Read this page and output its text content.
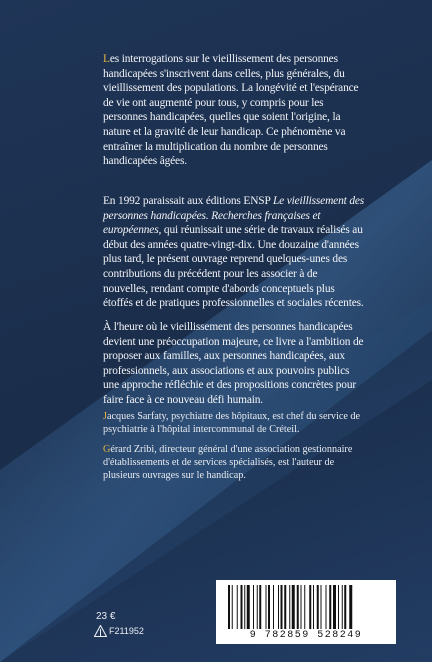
Les interrogations sur le vieillissement des personnes handicapées s'inscrivent dans celles, plus générales, du vieillissement des populations. La longévité et l'espérance de vie ont augmenté pour tous, y compris pour les personnes handicapées, quelles que soient l'origine, la nature et la gravité de leur handicap. Ce phénomène va entraîner la multiplication du nombre de personnes handicapées âgées.

En 1992 paraissait aux éditions ENSP Le vieillissement des personnes handicapées. Recherches françaises et européennes, qui réunissait une série de travaux réalisés au début des années quatre-vingt-dix. Une douzaine d'années plus tard, le présent ouvrage reprend quelques-unes des contributions du précédent pour les associer à de nouvelles, rendant compte d'abords conceptuels plus étoffés et de pratiques professionnelles et sociales récentes.

À l'heure où le vieillissement des personnes handicapées devient une préoccupation majeure, ce livre a l'ambition de proposer aux familles, aux personnes handicapées, aux professionnels, aux associations et aux pouvoirs publics une approche réfléchie et des propositions concrètes pour faire face à ce nouveau défi humain.

Jacques Sarfaty, psychiatre des hôpitaux, est chef du service de psychiatrie à l'hôpital intercommunal de Créteil.

Gérard Zribi, directeur général d'une association gestionnaire d'établissements et de services spécialisés, est l'auteur de plusieurs ouvrages sur le handicap.

23 €
F211952	9 782859 528249
